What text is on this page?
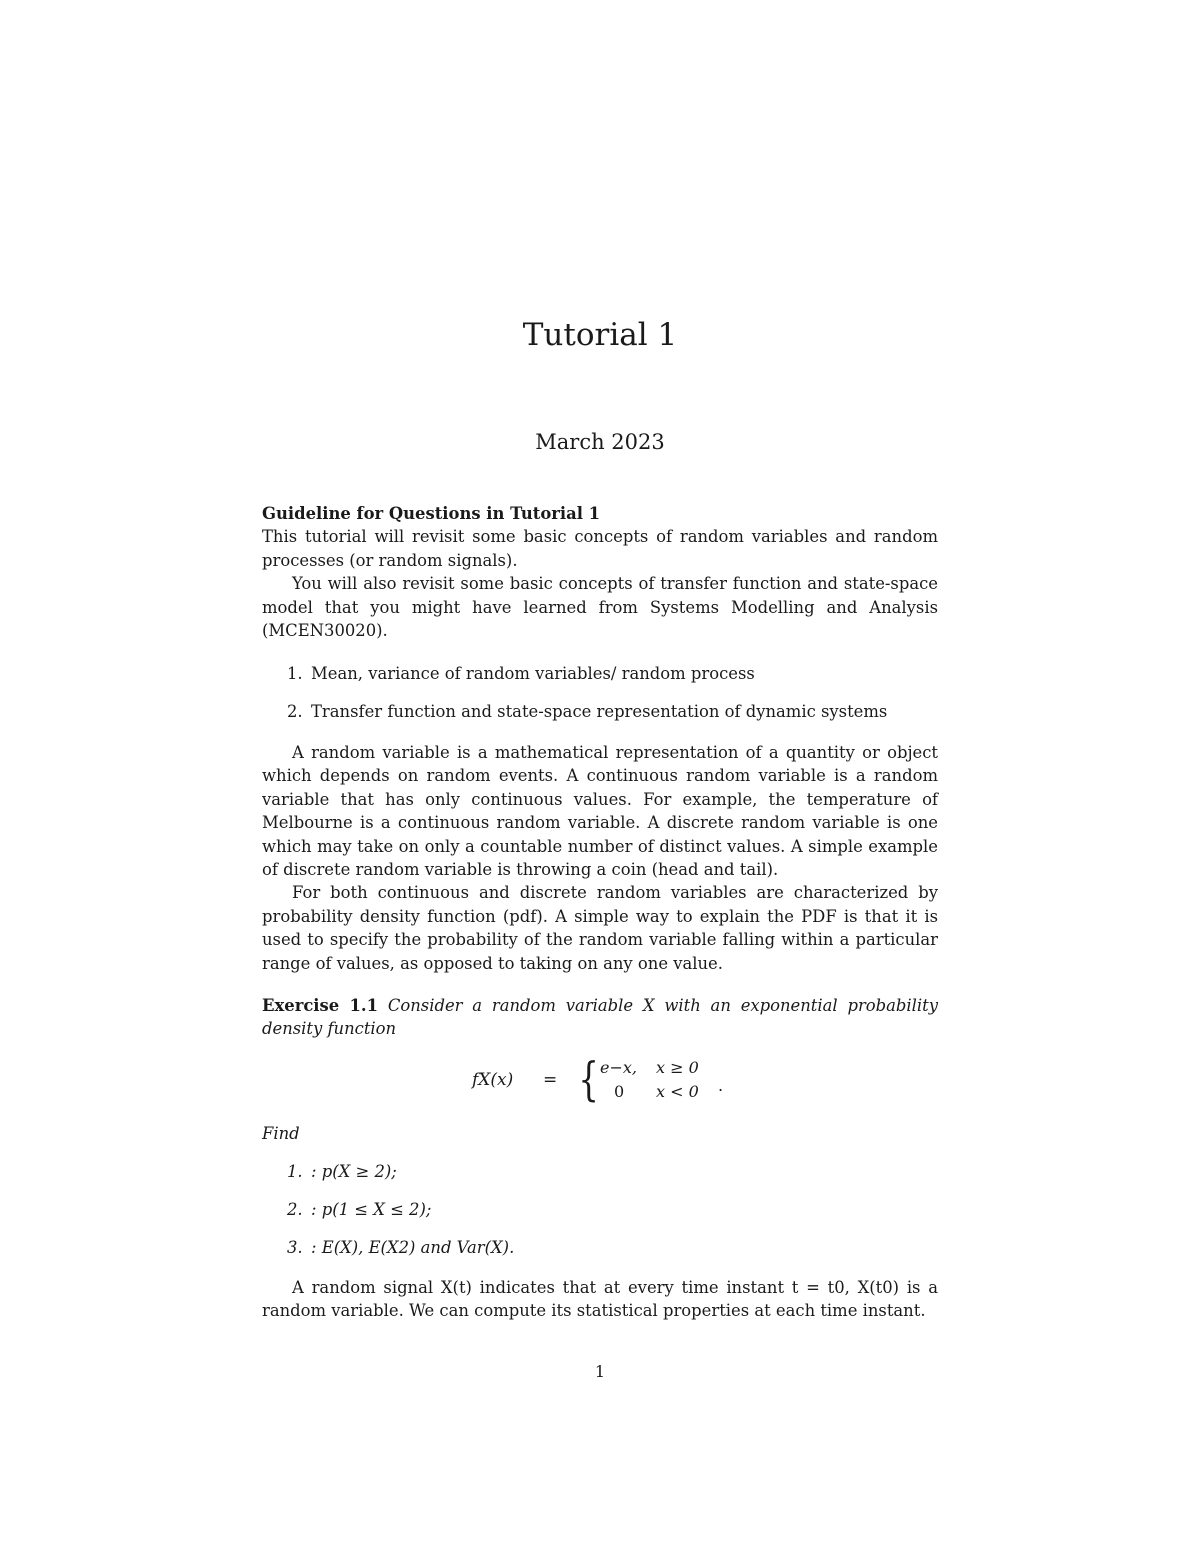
Tutorial 1
March 2023

Guideline for Questions in Tutorial 1

This tutorial will revisit some basic concepts of random variables and random processes (or random signals).

You will also revisit some basic concepts of transfer function and state-space model that you might have learned from Systems Modelling and Analysis (MCEN30020).

1. Mean, variance of random variables/ random process
2. Transfer function and state-space representation of dynamic systems

A random variable is a mathematical representation of a quantity or object which depends on random events. A continuous random variable is a random variable that has only continuous values. For example, the temperature of Melbourne is a continuous random variable. A discrete random variable is one which may take on only a countable number of distinct values. A simple example of discrete random variable is throwing a coin (head and tail).

For both continuous and discrete random variables are characterized by probability density function (pdf). A simple way to explain the PDF is that it is used to specify the probability of the random variable falling within a particular range of values, as opposed to taking on any one value.

Exercise 1.1 Consider a random variable X with an exponential probability density function
fX(x) = { e−x, x ≥ 0
0 x < 0 .
Find
1. : p(X ≥ 2);
2. : p(1 ≤ X ≤ 2);
3. : E(X), E(X2) and Var(X).

A random signal X(t) indicates that at every time instant t = t0, X(t0) is a random variable. We can compute its statistical properties at each time instant.

1
